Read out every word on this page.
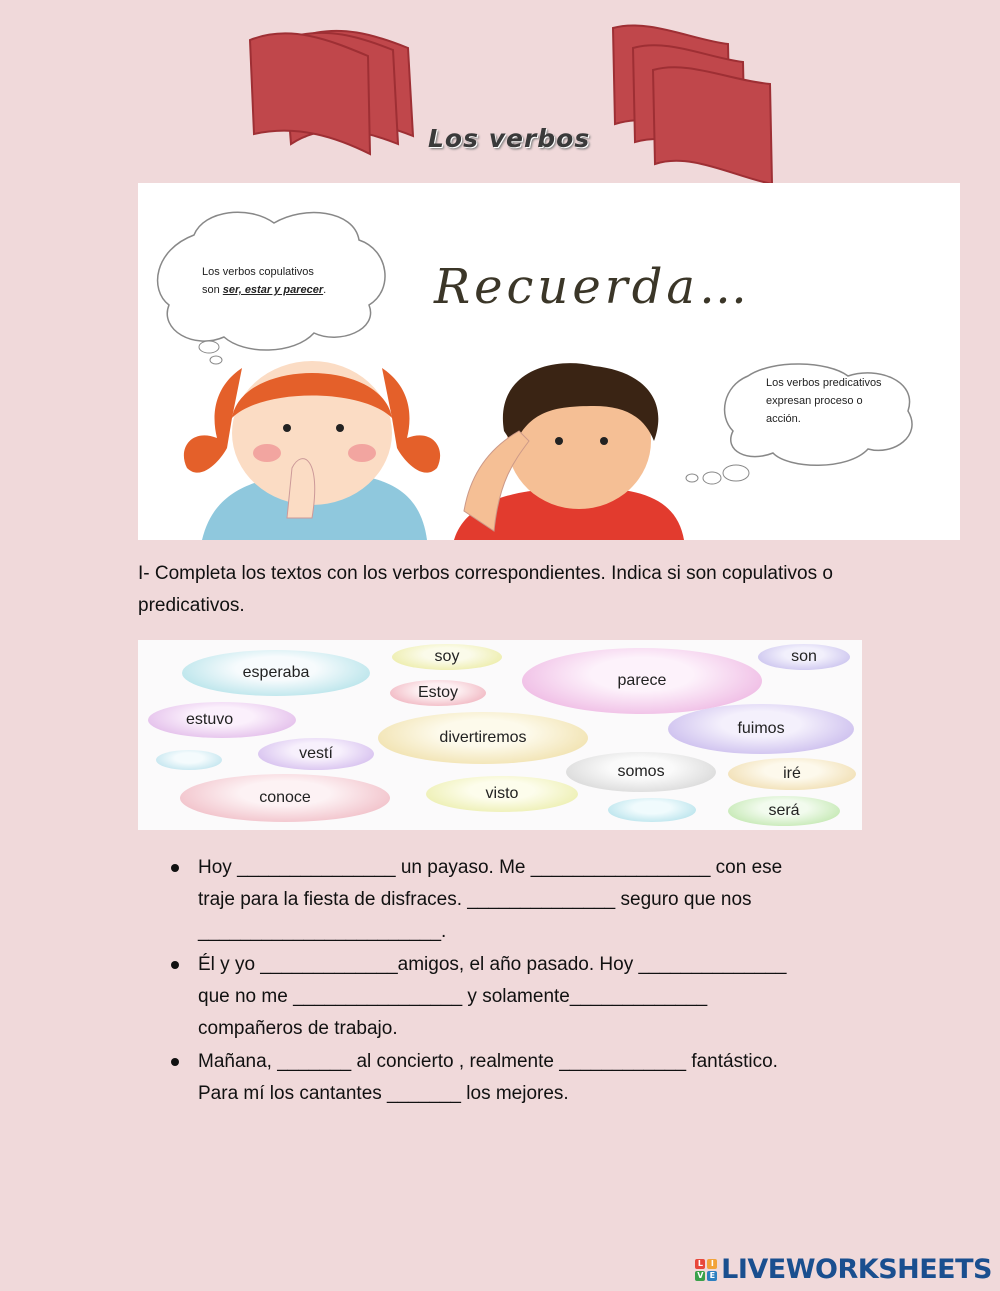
Los verbos
Los verbos copulativos
son ser, estar y parecer. Recuerda…
Los verbos predicativos
expresan proceso o
acción.
I- Completa los textos con los verbos correspondientes. Indica si son copulativos o predicativos.
esperaba
soy
parece
son
Estoy
estuvo
fuimos
divertiremos
vestí
somos	iré
conoce	visto
será
Hoy _______________ un payaso. Me _________________ con ese
traje para la fiesta de disfraces. ______________ seguro que nos
_______________________.
Él y yo _____________amigos, el año pasado. Hoy ______________
que no me ________________ y solamente_____________
compañeros de trabajo.
Mañana, _______ al concierto , realmente ____________ fantástico.
Para mí los cantantes _______ los mejores.
L	I
V E LIVEWORKSHEETS
